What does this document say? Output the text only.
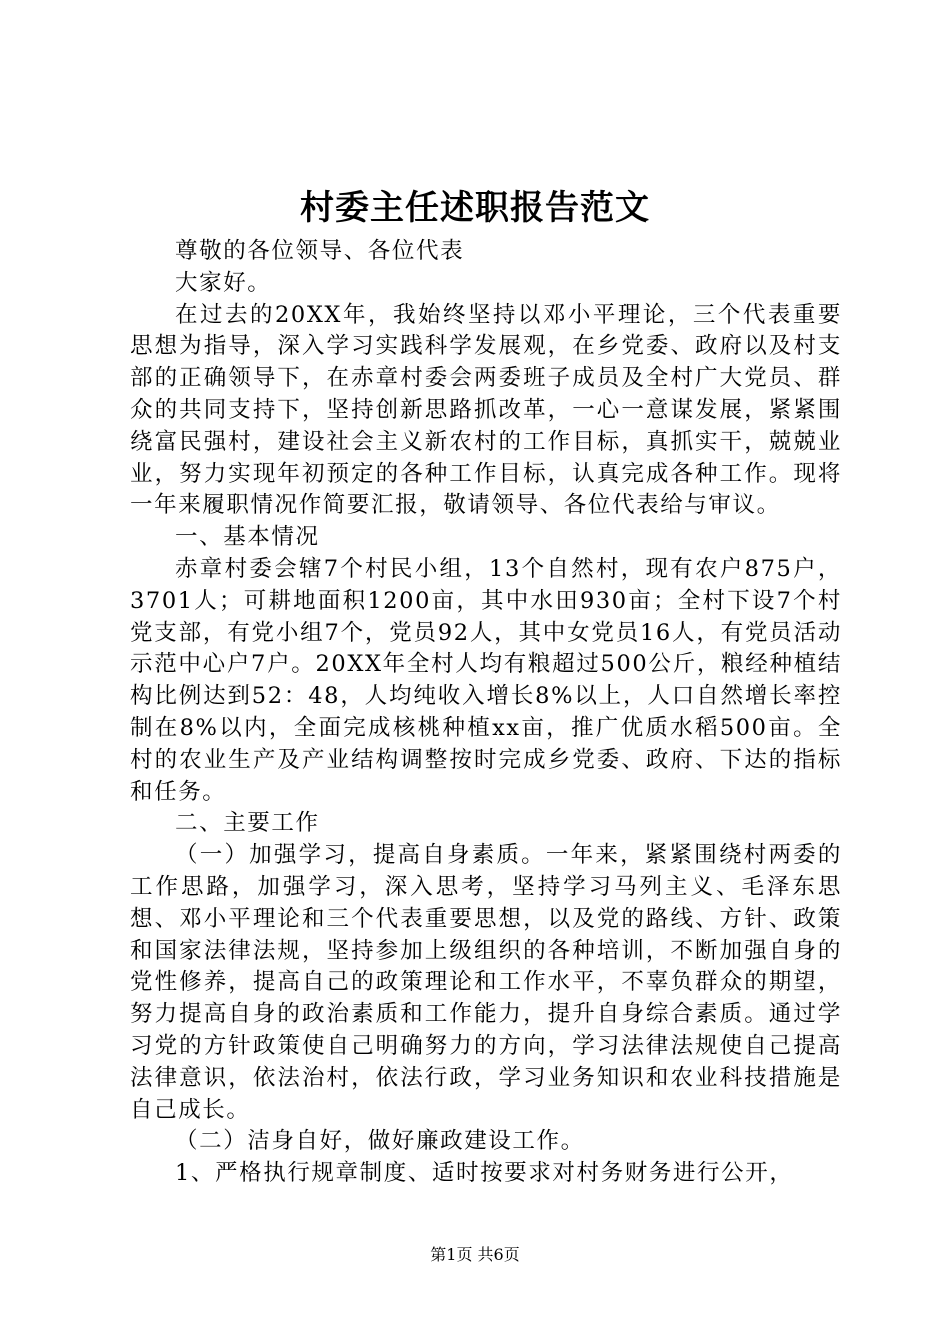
村委主任述职报告范文

尊敬的各位领导、各位代表

大家好。

在过去的20XX年，我始终坚持以邓小平理论，三个代表重要思想为指导，深入学习实践科学发展观，在乡党委、政府以及村支部的正确领导下，在赤章村委会两委班子成员及全村广大党员、群众的共同支持下，坚持创新思路抓改革，一心一意谋发展，紧紧围绕富民强村，建设社会主义新农村的工作目标，真抓实干，兢兢业业，努力实现年初预定的各种工作目标，认真完成各种工作。现将一年来履职情况作简要汇报，敬请领导、各位代表给与审议。

一、基本情况

赤章村委会辖7个村民小组，13个自然村，现有农户875户，3701人；可耕地面积1200亩，其中水田930亩；全村下设7个村党支部，有党小组7个，党员92人，其中女党员16人，有党员活动示范中心户7户。20XX年全村人均有粮超过500公斤，粮经种植结构比例达到52：48，人均纯收入增长8%以上，人口自然增长率控制在8%以内，全面完成核桃种植xx亩，推广优质水稻500亩。全村的农业生产及产业结构调整按时完成乡党委、政府、下达的指标和任务。

二、主要工作

（一）加强学习，提高自身素质。一年来，紧紧围绕村两委的工作思路，加强学习，深入思考，坚持学习马列主义、毛泽东思想、邓小平理论和三个代表重要思想，以及党的路线、方针、政策和国家法律法规，坚持参加上级组织的各种培训，不断加强自身的党性修养，提高自己的政策理论和工作水平，不辜负群众的期望，努力提高自身的政治素质和工作能力，提升自身综合素质。通过学习党的方针政策使自己明确努力的方向，学习法律法规使自己提高法律意识，依法治村，依法行政，学习业务知识和农业科技措施是自己成长。

（二）洁身自好，做好廉政建设工作。

1、严格执行规章制度、适时按要求对村务财务进行公开，

第1页 共6页
